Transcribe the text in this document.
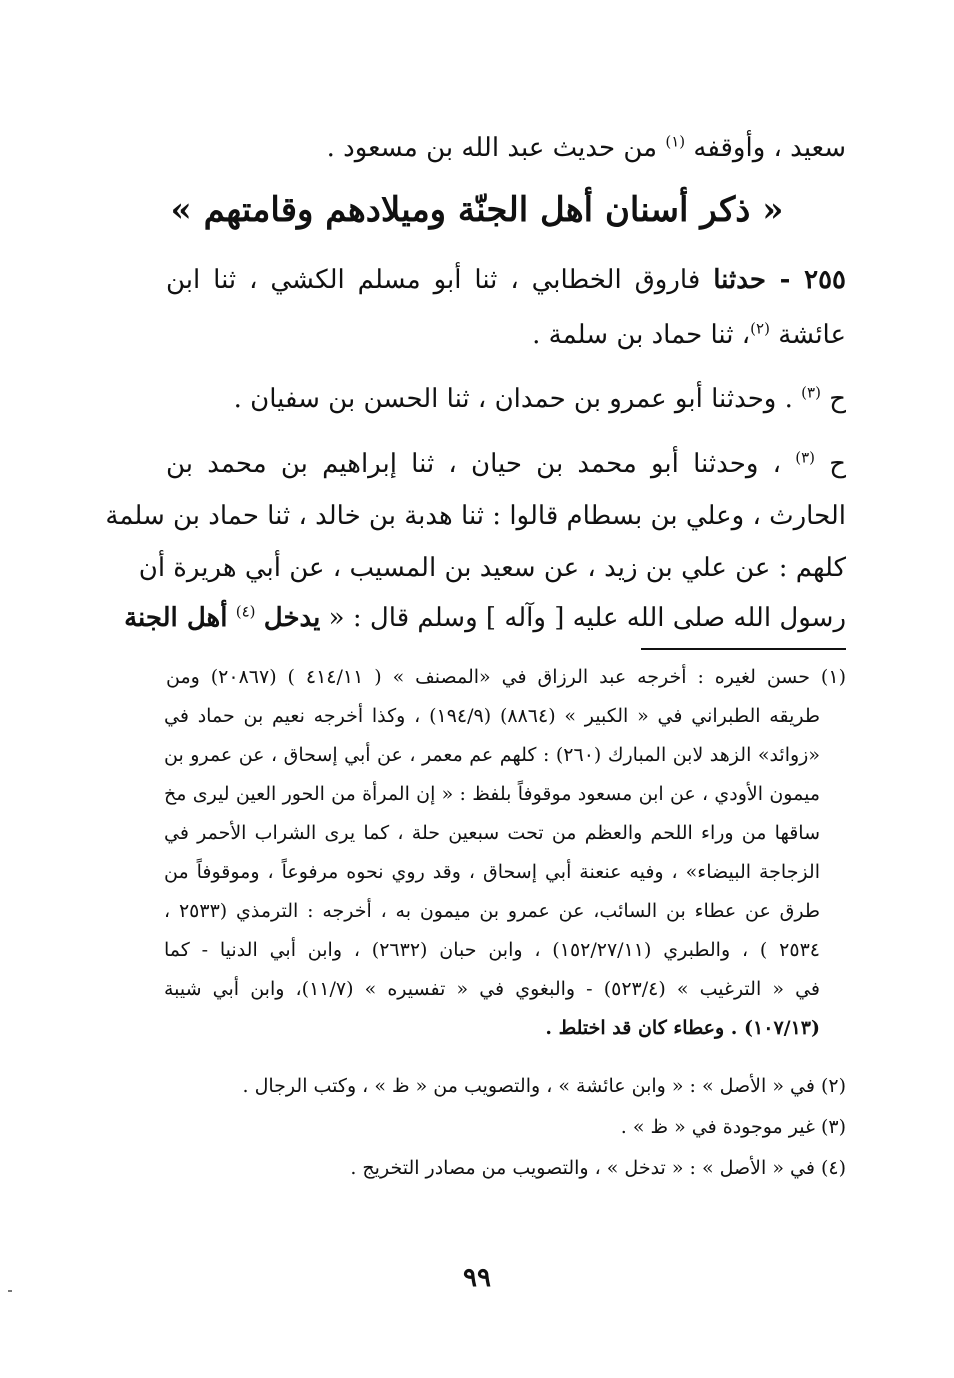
سعيد ، وأوقفه $^{(١)}$ من حديث عبد الله بن مسعود .
« ذكر أسنان أهل الجنّة وميلادهم وقامتهم »
٢٥٥ - حدثنا فاروق الخطابي ، ثنا أبو مسلم الكشي ، ثنا ابن
عائشة $^{(٢)}$، ثنا حماد بن سلمة .
ح $^{(٣)}$ . وحدثنا أبو عمرو بن حمدان ، ثنا الحسن بن سفيان .
ح $^{(٣)}$ ، وحدثنا أبو محمد بن حيان ، ثنا إبراهيم بن محمد بن
الحارث ، وعلي بن بسطام قالوا : ثنا هدبة بن خالد ، ثنا حماد بن سلمة
كلهم : عن علي بن زيد ، عن سعيد بن المسيب ، عن أبي هريرة أن
رسول الله صلى الله عليه [ وآله ] وسلم قال : « يدخل $^{(٤)}$ أهل الجنة
(١) حسن لغيره : أخرجه عبد الرزاق في «المصنف » ( ٤١٤/١١ ) (٢٠٨٦٧) ومن
طريقه الطبراني في « الكبير » (٨٨٦٤) (١٩٤/٩) ، وكذا أخرجه نعيم بن حماد في
«زوائد» الزهد لابن المبارك (٢٦٠) : كلهم عم معمر ، عن أبي إسحاق ، عن عمرو بن
ميمون الأودي ، عن ابن مسعود موقوفاً بلفظ : « إن المرأة من الحور العين ليرى مخ
ساقها من وراء اللحم والعظم من تحت سبعين حلة ، كما يرى الشراب الأحمر في
الزجاجة البيضاء» ، وفيه عنعنة أبي إسحاق ، وقد روي نحوه مرفوعاً ، وموقوفاً من
طرق عن عطاء بن السائب، عن عمرو بن ميمون به ، أخرجه : الترمذي (٢٥٣٣ ،
٢٥٣٤ ) ، والطبري (١٥٢/٢٧/١١) ، وابن حبان (٢٦٣٢) ، وابن أبي الدنيا - كما
في « الترغيب » (٥٢٣/٤) - والبغوي في « تفسيره » (١١/٧)، وابن أبي شيبة
(١٠٧/١٣) . وعطاء كان قد اختلط .
(٢) في « الأصل » : « وابن عائشة » ، والتصويب من « ظ » ، وكتب الرجال .
(٣) غير موجودة في « ظ » .
(٤) في « الأصل » : « تدخل » ، والتصويب من مصادر التخريج .
٩٩
